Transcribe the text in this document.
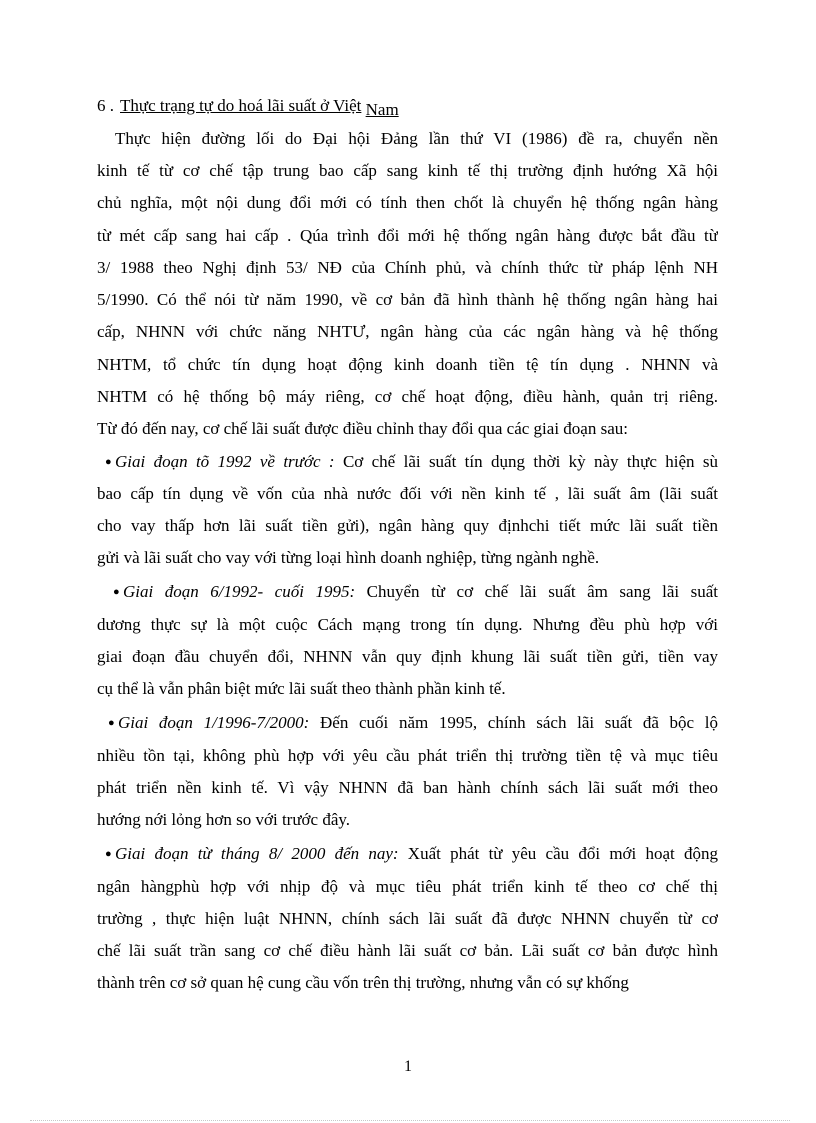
6 . Thực trạng tự do hoá lãi suất ở Việt Nam
Thực hiện đường lối do Đại hội Đảng lần thứ VI (1986) đề ra, chuyển nền
kinh tế từ cơ chế tập trung bao cấp sang kinh tế thị trường định hướng Xã hội
chủ nghĩa, một nội dung đổi mới có tính then chốt là chuyển hệ thống ngân hàng
từ mét cấp sang hai cấp . Qúa trình đổi mới hệ thống ngân hàng được bắt đầu từ
3/ 1988 theo Nghị định 53/ NĐ của Chính phủ, và chính thức từ pháp lệnh NH
5/1990. Có thể nói từ năm 1990, về cơ bản đã hình thành hệ thống ngân hàng hai
cấp, NHNN với chức năng NHTƯ, ngân hàng của các ngân hàng và hệ thống
NHTM, tổ chức tín dụng hoạt động kinh doanh tiền tệ tín dụng . NHNN và
NHTM có hệ thống bộ máy riêng, cơ chế hoạt động, điều hành, quản trị riêng.
Từ đó đến nay, cơ chế lãi suất được điều chỉnh thay đổi qua các giai đoạn sau:
● Giai đoạn tõ 1992 về trước : Cơ chế lãi suất tín dụng thời kỳ này thực hiện sù
bao cấp tín dụng về vốn của nhà nước đối với nền kinh tế , lãi suất âm (lãi suất
cho vay thấp hơn lãi suất tiền gửi), ngân hàng quy địnhchi tiết mức lãi suất tiền
gửi và lãi suất cho vay với từng loại hình doanh nghiệp, từng ngành nghề.
● Giai đoạn 6/1992- cuối 1995: Chuyển từ cơ chế lãi suất âm sang lãi suất
dương thực sự là một cuộc Cách mạng trong tín dụng. Nhưng đều phù hợp với
giai đoạn đầu chuyển đổi, NHNN vẫn quy định khung lãi suất tiền gửi, tiền vay
cụ thể là vẫn phân biệt mức lãi suất theo thành phần kinh tế.
● Giai đoạn 1/1996-7/2000: Đến cuối năm 1995, chính sách lãi suất đã bộc lộ
nhiều tồn tại, không phù hợp với yêu cầu phát triển thị trường tiền tệ và mục tiêu
phát triển nền kinh tế. Vì vậy NHNN đã ban hành chính sách lãi suất mới theo
hướng nới lỏng hơn so với trước đây.
● Giai đoạn từ tháng 8/ 2000 đến nay: Xuất phát từ yêu cầu đổi mới hoạt động
ngân hàngphù hợp với nhịp độ và mục tiêu phát triển kinh tế theo cơ chế thị
trường , thực hiện luật NHNN, chính sách lãi suất đã được NHNN chuyển từ cơ
chế lãi suất trần sang cơ chế điều hành lãi suất cơ bản. Lãi suất cơ bản được hình
thành trên cơ sở quan hệ cung cầu vốn trên thị trường, nhưng vẫn có sự khống
1
